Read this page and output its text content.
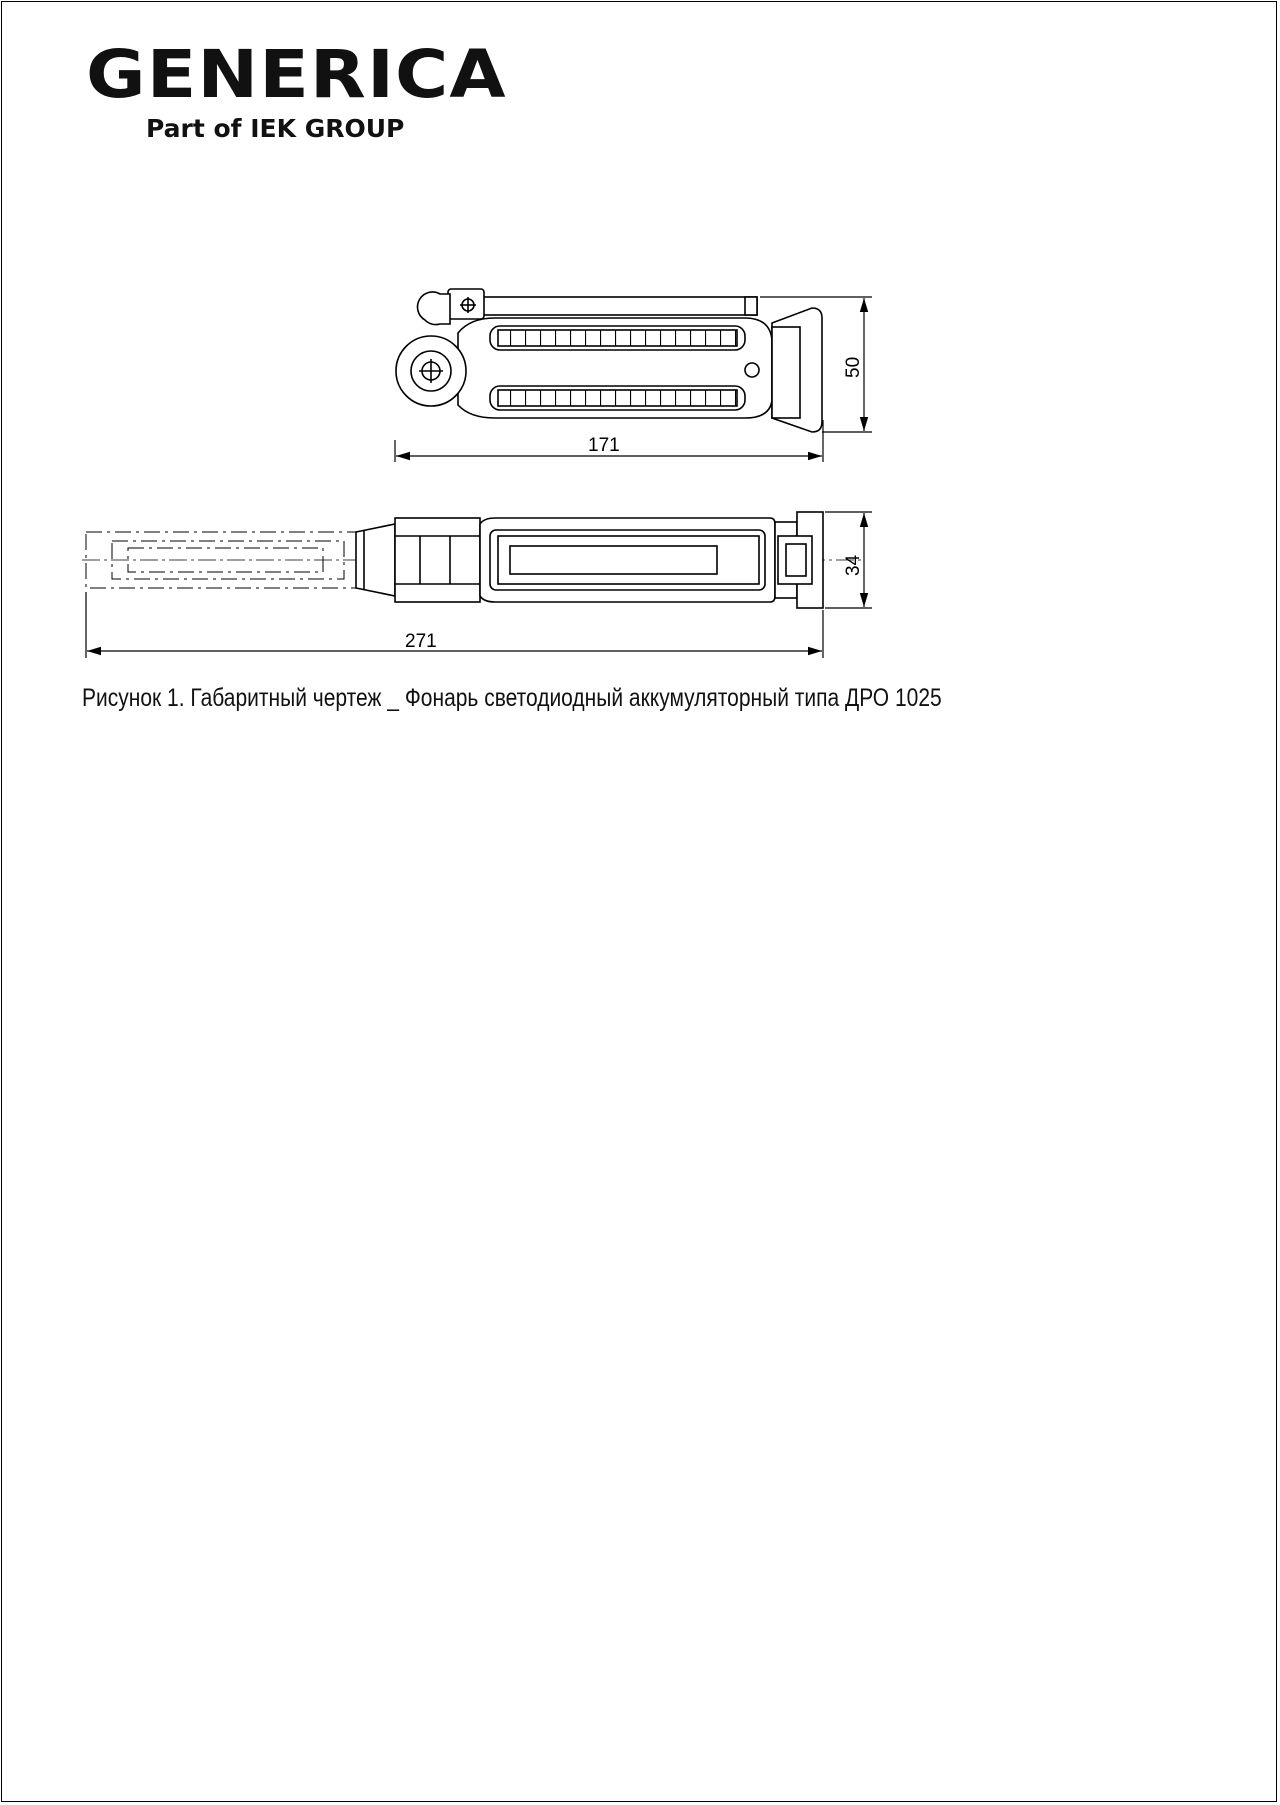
GENERICA
Part of IEK GROUP
171
50
271
34

Рисунок 1. Габаритный чертеж _ Фонарь светодиодный аккумуляторный типа ДРО 1025
